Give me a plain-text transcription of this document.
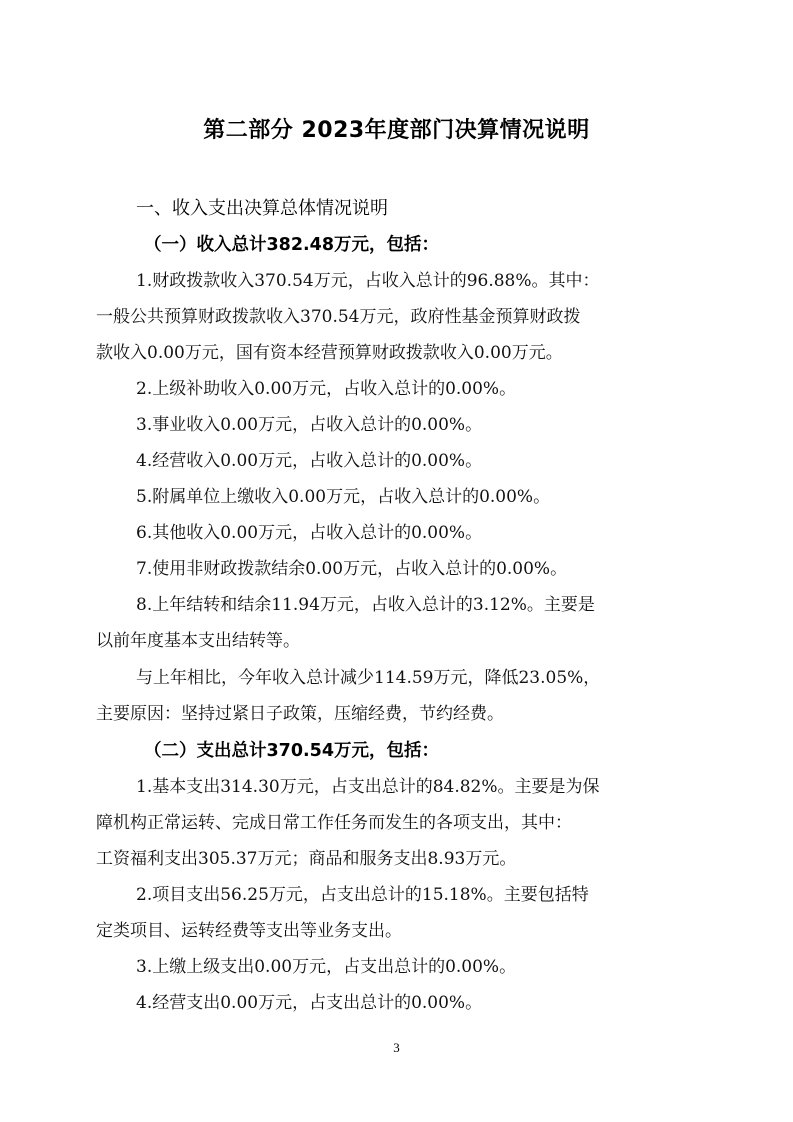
第二部分 2023年度部门决算情况说明
一、收入支出决算总体情况说明
（一）收入总计382.48万元，包括：
1.财政拨款收入370.54万元，占收入总计的96.88%。其中：
一般公共预算财政拨款收入370.54万元，政府性基金预算财政拨
款收入0.00万元，国有资本经营预算财政拨款收入0.00万元。
2.上级补助收入0.00万元，占收入总计的0.00%。
3.事业收入0.00万元，占收入总计的0.00%。
4.经营收入0.00万元，占收入总计的0.00%。
5.附属单位上缴收入0.00万元，占收入总计的0.00%。
6.其他收入0.00万元，占收入总计的0.00%。
7.使用非财政拨款结余0.00万元，占收入总计的0.00%。
8.上年结转和结余11.94万元，占收入总计的3.12%。主要是
以前年度基本支出结转等。
与上年相比，今年收入总计减少114.59万元，降低23.05%，
主要原因：坚持过紧日子政策，压缩经费，节约经费。
（二）支出总计370.54万元，包括：
1.基本支出314.30万元，占支出总计的84.82%。主要是为保
障机构正常运转、完成日常工作任务而发生的各项支出，其中：
工资福利支出305.37万元；商品和服务支出8.93万元。
2.项目支出56.25万元，占支出总计的15.18%。主要包括特
定类项目、运转经费等支出等业务支出。
3.上缴上级支出0.00万元，占支出总计的0.00%。
4.经营支出0.00万元，占支出总计的0.00%。
3
